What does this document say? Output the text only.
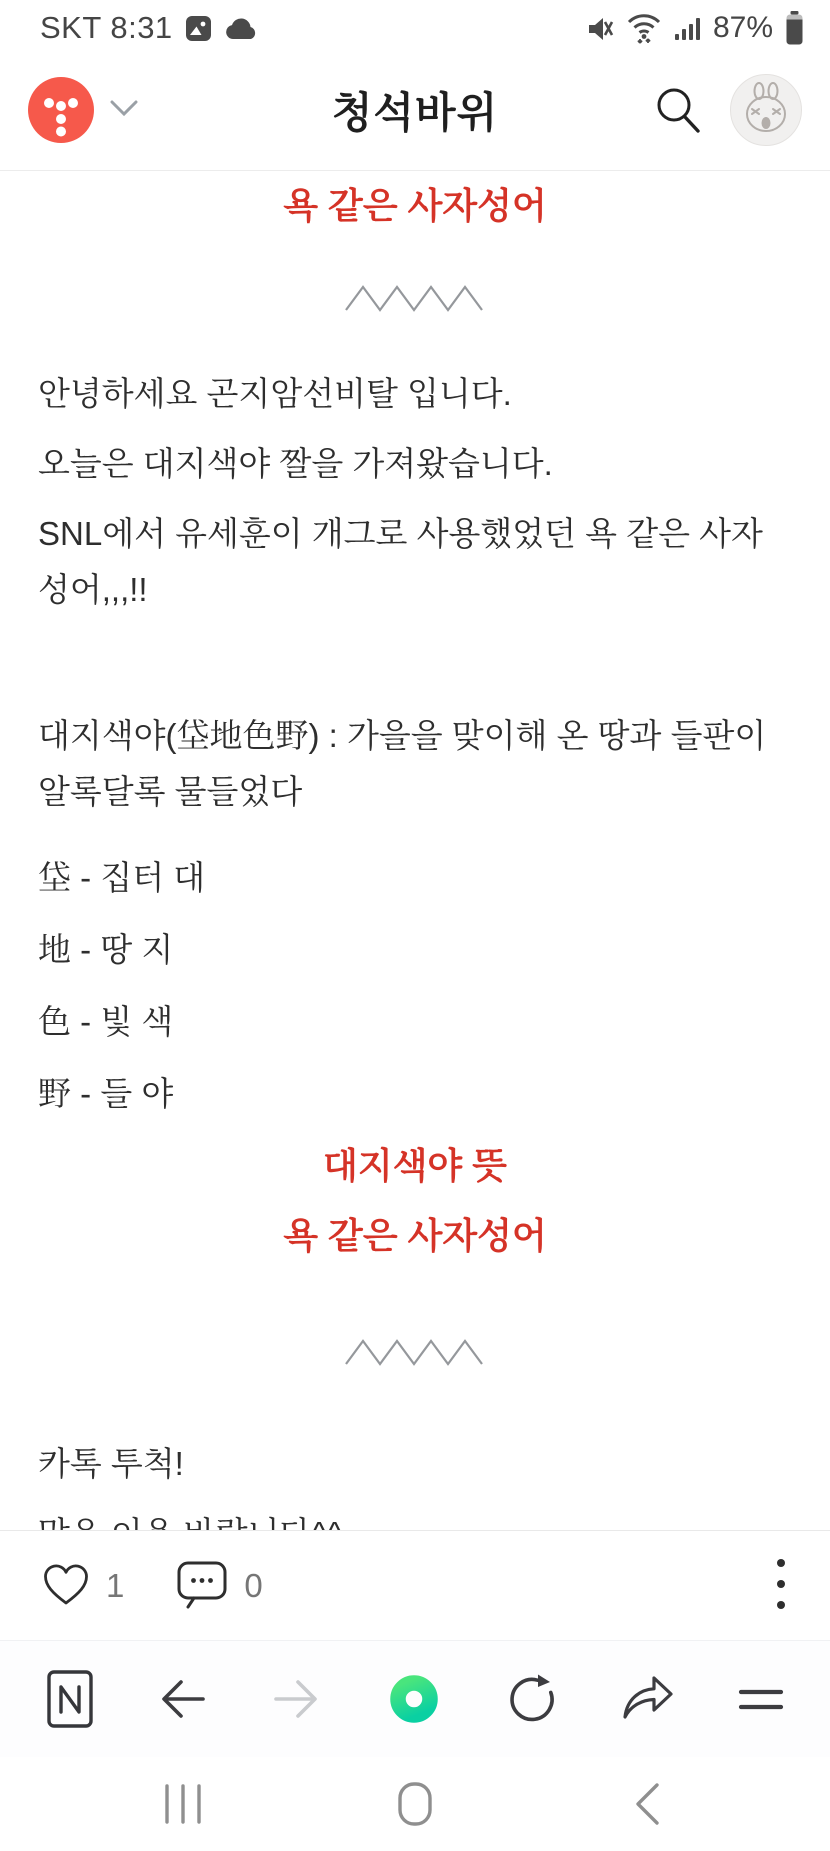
SKT 8:31	87%
청석바위
욕 같은 사자성어

안녕하세요 곤지암선비탈 입니다.

오늘은 대지색야 짤을 가져왔습니다.

SNL에서 유세훈이 개그로 사용했었던 욕 같은 사자성어,,,!!

대지색야(垈地色野) : 가을을 맞이해 온 땅과 들판이 알록달록 물들었다

垈 - 집터 대

地 - 땅 지

色 - 빛 색

野 - 들 야

대지색야 뜻
욕 같은 사자성어

카톡 투척!

1	0
